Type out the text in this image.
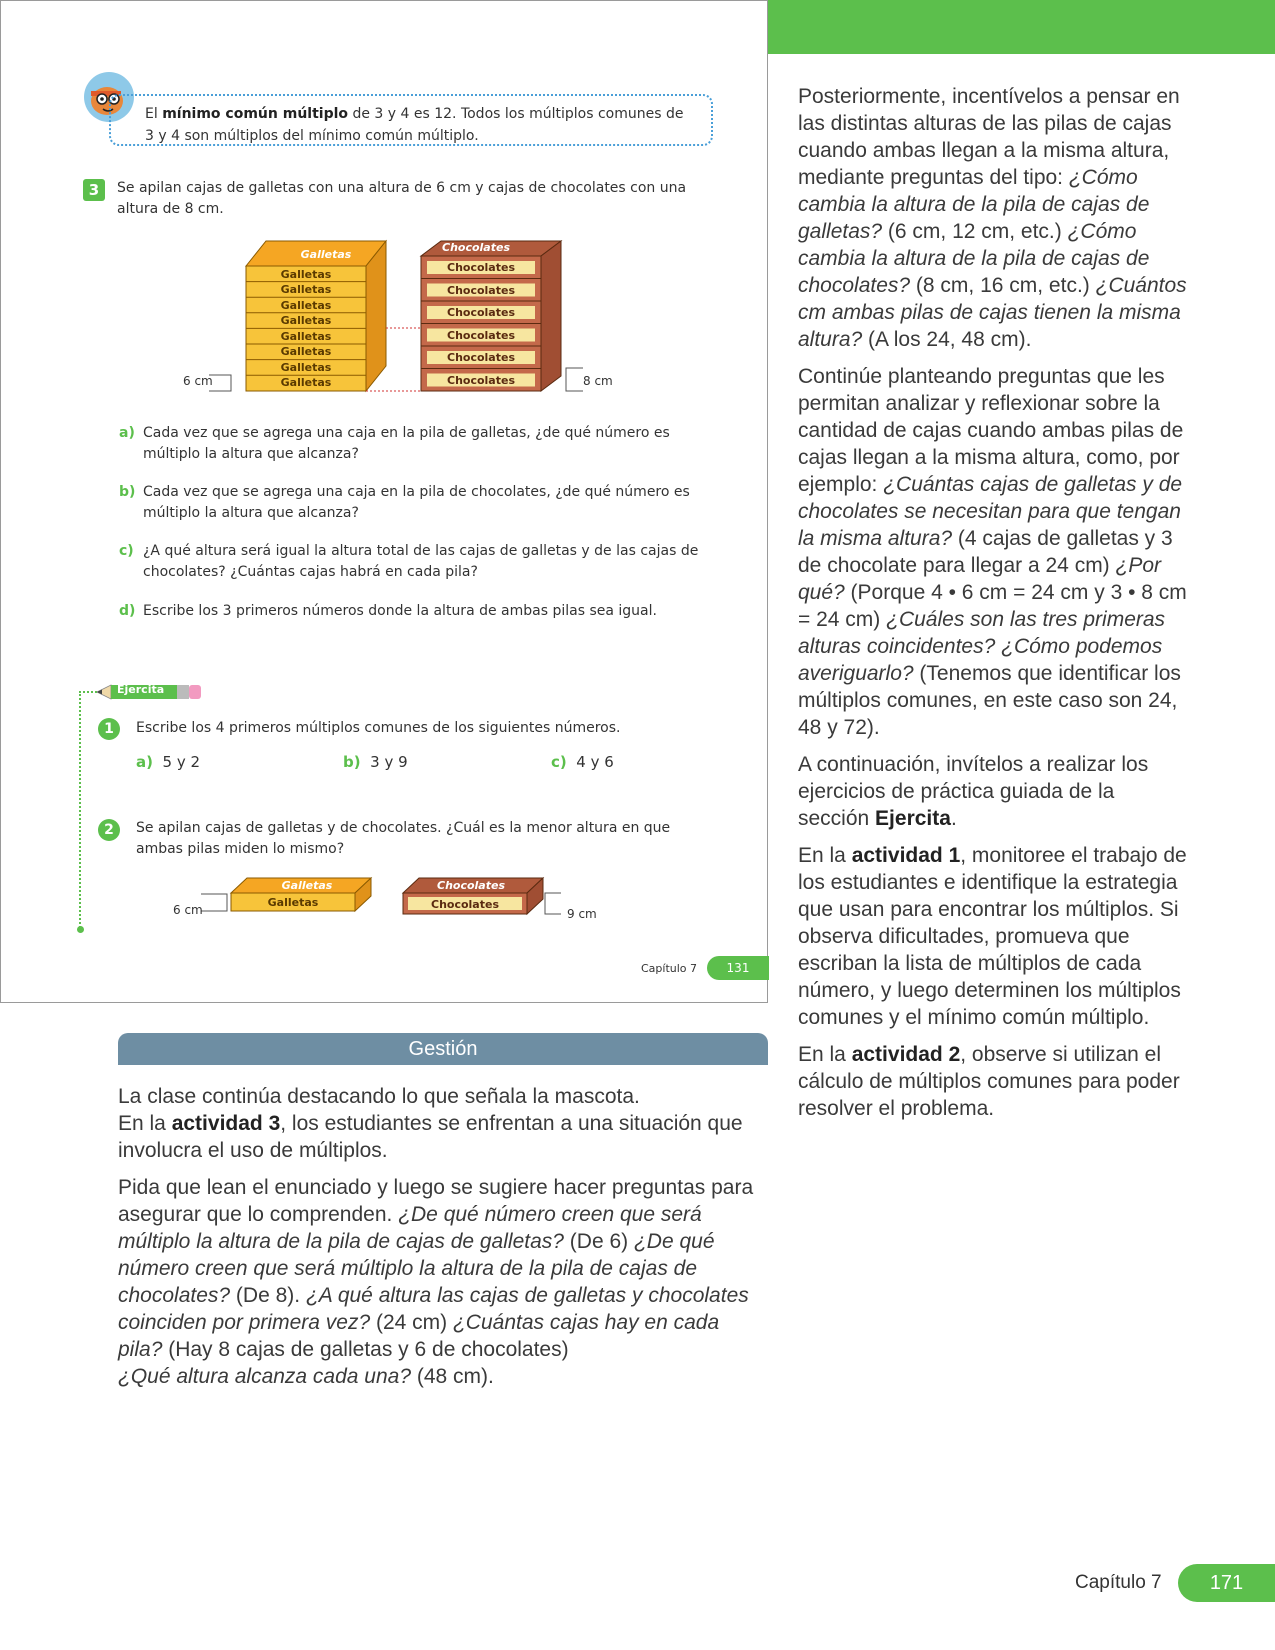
El mínimo común múltiplo de 3 y 4 es 12. Todos los múltiplos comunes de
3 y 4 son múltiplos del mínimo común múltiplo.
3	Se apilan cajas de galletas con una altura de 6 cm y cajas de chocolates con una altura de 8 cm.
Galletas
Galletas
Galletas
Galletas
Galletas
Galletas
Galletas
Galletas
Galletas
Chocolates
Chocolates
Chocolates
Chocolates
Chocolates
Chocolates
Chocolates
6 cm	8 cm
a) Cada vez que se agrega una caja en la pila de galletas, ¿de qué número es múltiplo la altura que alcanza?
b) Cada vez que se agrega una caja en la pila de chocolates, ¿de qué número es múltiplo la altura que alcanza?
c) ¿A qué altura será igual la altura total de las cajas de galletas y de las cajas de chocolates? ¿Cuántas cajas habrá en cada pila?
d) Escribe los 3 primeros números donde la altura de ambas pilas sea igual.
Ejercita
1	Escribe los 4 primeros múltiplos comunes de los siguientes números.
a) 5 y 2	b) 3 y 9	c) 4 y 6
2	Se apilan cajas de galletas y de chocolates. ¿Cuál es la menor altura en que ambas pilas miden lo mismo?
Galletas
Galletas
Chocolates
Chocolates
6 cm	9 cm
Capítulo 7	131
Gestión

La clase continúa destacando lo que señala la mascota.
En la actividad 3, los estudiantes se enfrentan a una situación que involucra el uso de múltiplos.

Pida que lean el enunciado y luego se sugiere hacer preguntas para asegurar que lo comprenden. ¿De qué número creen que será múltiplo la altura de la pila de cajas de galletas? (De 6) ¿De qué número creen que será múltiplo la altura de la pila de cajas de chocolates? (De 8). ¿A qué altura las cajas de galletas y chocolates coinciden por primera vez? (24 cm) ¿Cuántas cajas hay en cada pila? (Hay 8 cajas de galletas y 6 de chocolates)
¿Qué altura alcanza cada una? (48 cm).

Posteriormente, incentívelos a pensar en las distintas alturas de las pilas de cajas cuando ambas llegan a la misma altura, mediante preguntas del tipo: ¿Cómo cambia la altura de la pila de cajas de galletas? (6 cm, 12 cm, etc.) ¿Cómo cambia la altura de la pila de cajas de chocolates? (8 cm, 16 cm, etc.) ¿Cuántos cm ambas pilas de cajas tienen la misma altura? (A los 24, 48 cm).

Continúe planteando preguntas que les permitan analizar y reflexionar sobre la cantidad de cajas cuando ambas pilas de cajas llegan a la misma altura, como, por ejemplo: ¿Cuántas cajas de galletas y de chocolates se necesitan para que tengan la misma altura? (4 cajas de galletas y 3 de chocolate para llegar a 24 cm) ¿Por qué? (Porque 4 • 6 cm = 24 cm y 3 • 8 cm = 24 cm) ¿Cuáles son las tres primeras alturas coincidentes? ¿Cómo podemos averiguarlo? (Tenemos que identificar los múltiplos comunes, en este caso son 24, 48 y 72).

A continuación, invítelos a realizar los ejercicios de práctica guiada de la sección Ejercita.

En la actividad 1, monitoree el trabajo de los estudiantes e identifique la estrategia que usan para encontrar los múltiplos. Si observa dificultades, promueva que escriban la lista de múltiplos de cada número, y luego determinen los múltiplos comunes y el mínimo común múltiplo.

En la actividad 2, observe si utilizan el cálculo de múltiplos comunes para poder resolver el problema.

Capítulo 7	171
